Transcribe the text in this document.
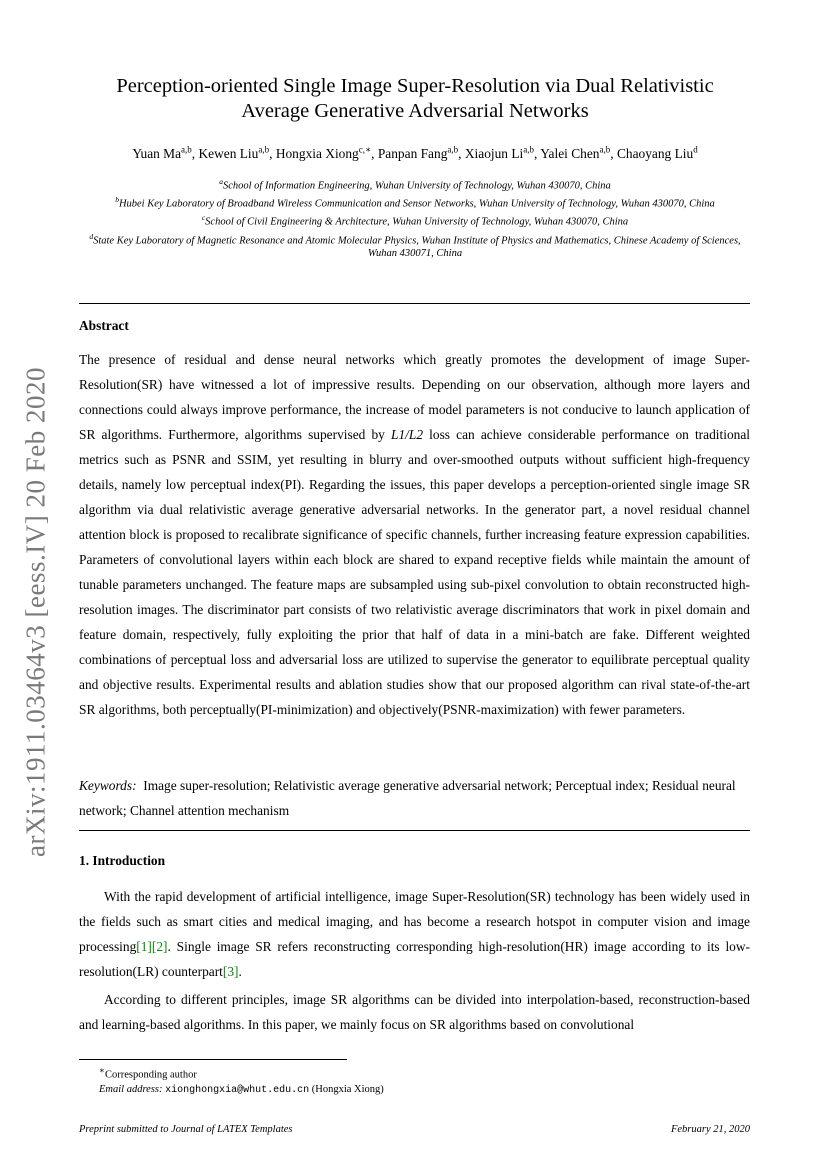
arXiv:1911.03464v3 [eess.IV] 20 Feb 2020
Perception-oriented Single Image Super-Resolution via Dual Relativistic
Average Generative Adversarial Networks
Yuan Ma$^{a,b}$, Kewen Liu$^{a,b}$, Hongxia Xiong$^{c,∗}$, Panpan Fang$^{a,b}$, Xiaojun Li$^{a,b}$, Yalei Chen$^{a,b}$, Chaoyang Liu$^d$
$^a$School of Information Engineering, Wuhan University of Technology, Wuhan 430070, China
$^b$Hubei Key Laboratory of Broadband Wireless Communication and Sensor Networks, Wuhan University of Technology, Wuhan 430070, China
$^c$School of Civil Engineering & Architecture, Wuhan University of Technology, Wuhan 430070, China
$^d$State Key Laboratory of Magnetic Resonance and Atomic Molecular Physics, Wuhan Institute of Physics and Mathematics, Chinese Academy of Sciences, Wuhan 430071, China
Abstract

The presence of residual and dense neural networks which greatly promotes the development of image Super-Resolution(SR) have witnessed a lot of impressive results. Depending on our observation, although more layers and connections could always improve performance, the increase of model parameters is not conducive to launch application of SR algorithms. Furthermore, algorithms supervised by L1/L2 loss can achieve considerable performance on traditional metrics such as PSNR and SSIM, yet resulting in blurry and over-smoothed outputs without sufficient high-frequency details, namely low perceptual index(PI). Regarding the issues, this paper develops a perception-oriented single image SR algorithm via dual relativistic average generative adversarial networks. In the generator part, a novel residual channel attention block is proposed to recalibrate significance of specific channels, further increasing feature expression capabilities. Parameters of convolutional layers within each block are shared to expand receptive fields while maintain the amount of tunable parameters unchanged. The feature maps are subsampled using sub-pixel convolution to obtain reconstructed high-resolution images. The discriminator part consists of two relativistic average discriminators that work in pixel domain and feature domain, respectively, fully exploiting the prior that half of data in a mini-batch are fake. Different weighted combinations of perceptual loss and adversarial loss are utilized to supervise the generator to equilibrate perceptual quality and objective results. Experimental results and ablation studies show that our proposed algorithm can rival state-of-the-art SR algorithms, both perceptually(PI-minimization) and objectively(PSNR-maximization) with fewer parameters.

Keywords: Image super-resolution; Relativistic average generative adversarial network; Perceptual index; Residual neural network; Channel attention mechanism

1. Introduction

With the rapid development of artificial intelligence, image Super-Resolution(SR) technology has been widely used in the fields such as smart cities and medical imaging, and has become a research hotspot in computer vision and image processing[1][2]. Single image SR refers reconstructing corresponding high-resolution(HR) image according to its low-resolution(LR) counterpart[3].

According to different principles, image SR algorithms can be divided into interpolation-based, reconstruction-based and learning-based algorithms. In this paper, we mainly focus on SR algorithms based on convolutional

∗Corresponding author
Email address: xionghongxia@whut.edu.cn (Hongxia Xiong)
Preprint submitted to Journal of LATEX Templates	February 21, 2020
